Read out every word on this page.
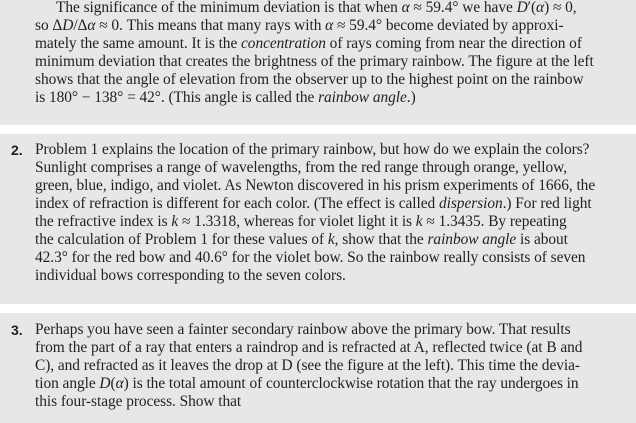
The significance of the minimum deviation is that when α ≈ 59.4° we have D′(α) ≈ 0,
so ΔD/Δα ≈ 0. This means that many rays with α ≈ 59.4° become deviated by approxi-
mately the same amount. It is the concentration of rays coming from near the direction of
minimum deviation that creates the brightness of the primary rainbow. The figure at the left
shows that the angle of elevation from the observer up to the highest point on the rainbow
is 180° − 138° = 42°. (This angle is called the rainbow angle.)
2. Problem 1 explains the location of the primary rainbow, but how do we explain the colors?
Sunlight comprises a range of wavelengths, from the red range through orange, yellow,
green, blue, indigo, and violet. As Newton discovered in his prism experiments of 1666, the
index of refraction is different for each color. (The effect is called dispersion.) For red light
the refractive index is k ≈ 1.3318, whereas for violet light it is k ≈ 1.3435. By repeating
the calculation of Problem 1 for these values of k, show that the rainbow angle is about
42.3° for the red bow and 40.6° for the violet bow. So the rainbow really consists of seven
individual bows corresponding to the seven colors.
3. Perhaps you have seen a fainter secondary rainbow above the primary bow. That results
from the part of a ray that enters a raindrop and is refracted at A, reflected twice (at B and
C), and refracted as it leaves the drop at D (see the figure at the left). This time the devia-
tion angle D(α) is the total amount of counterclockwise rotation that the ray undergoes in
this four-stage process. Show that
